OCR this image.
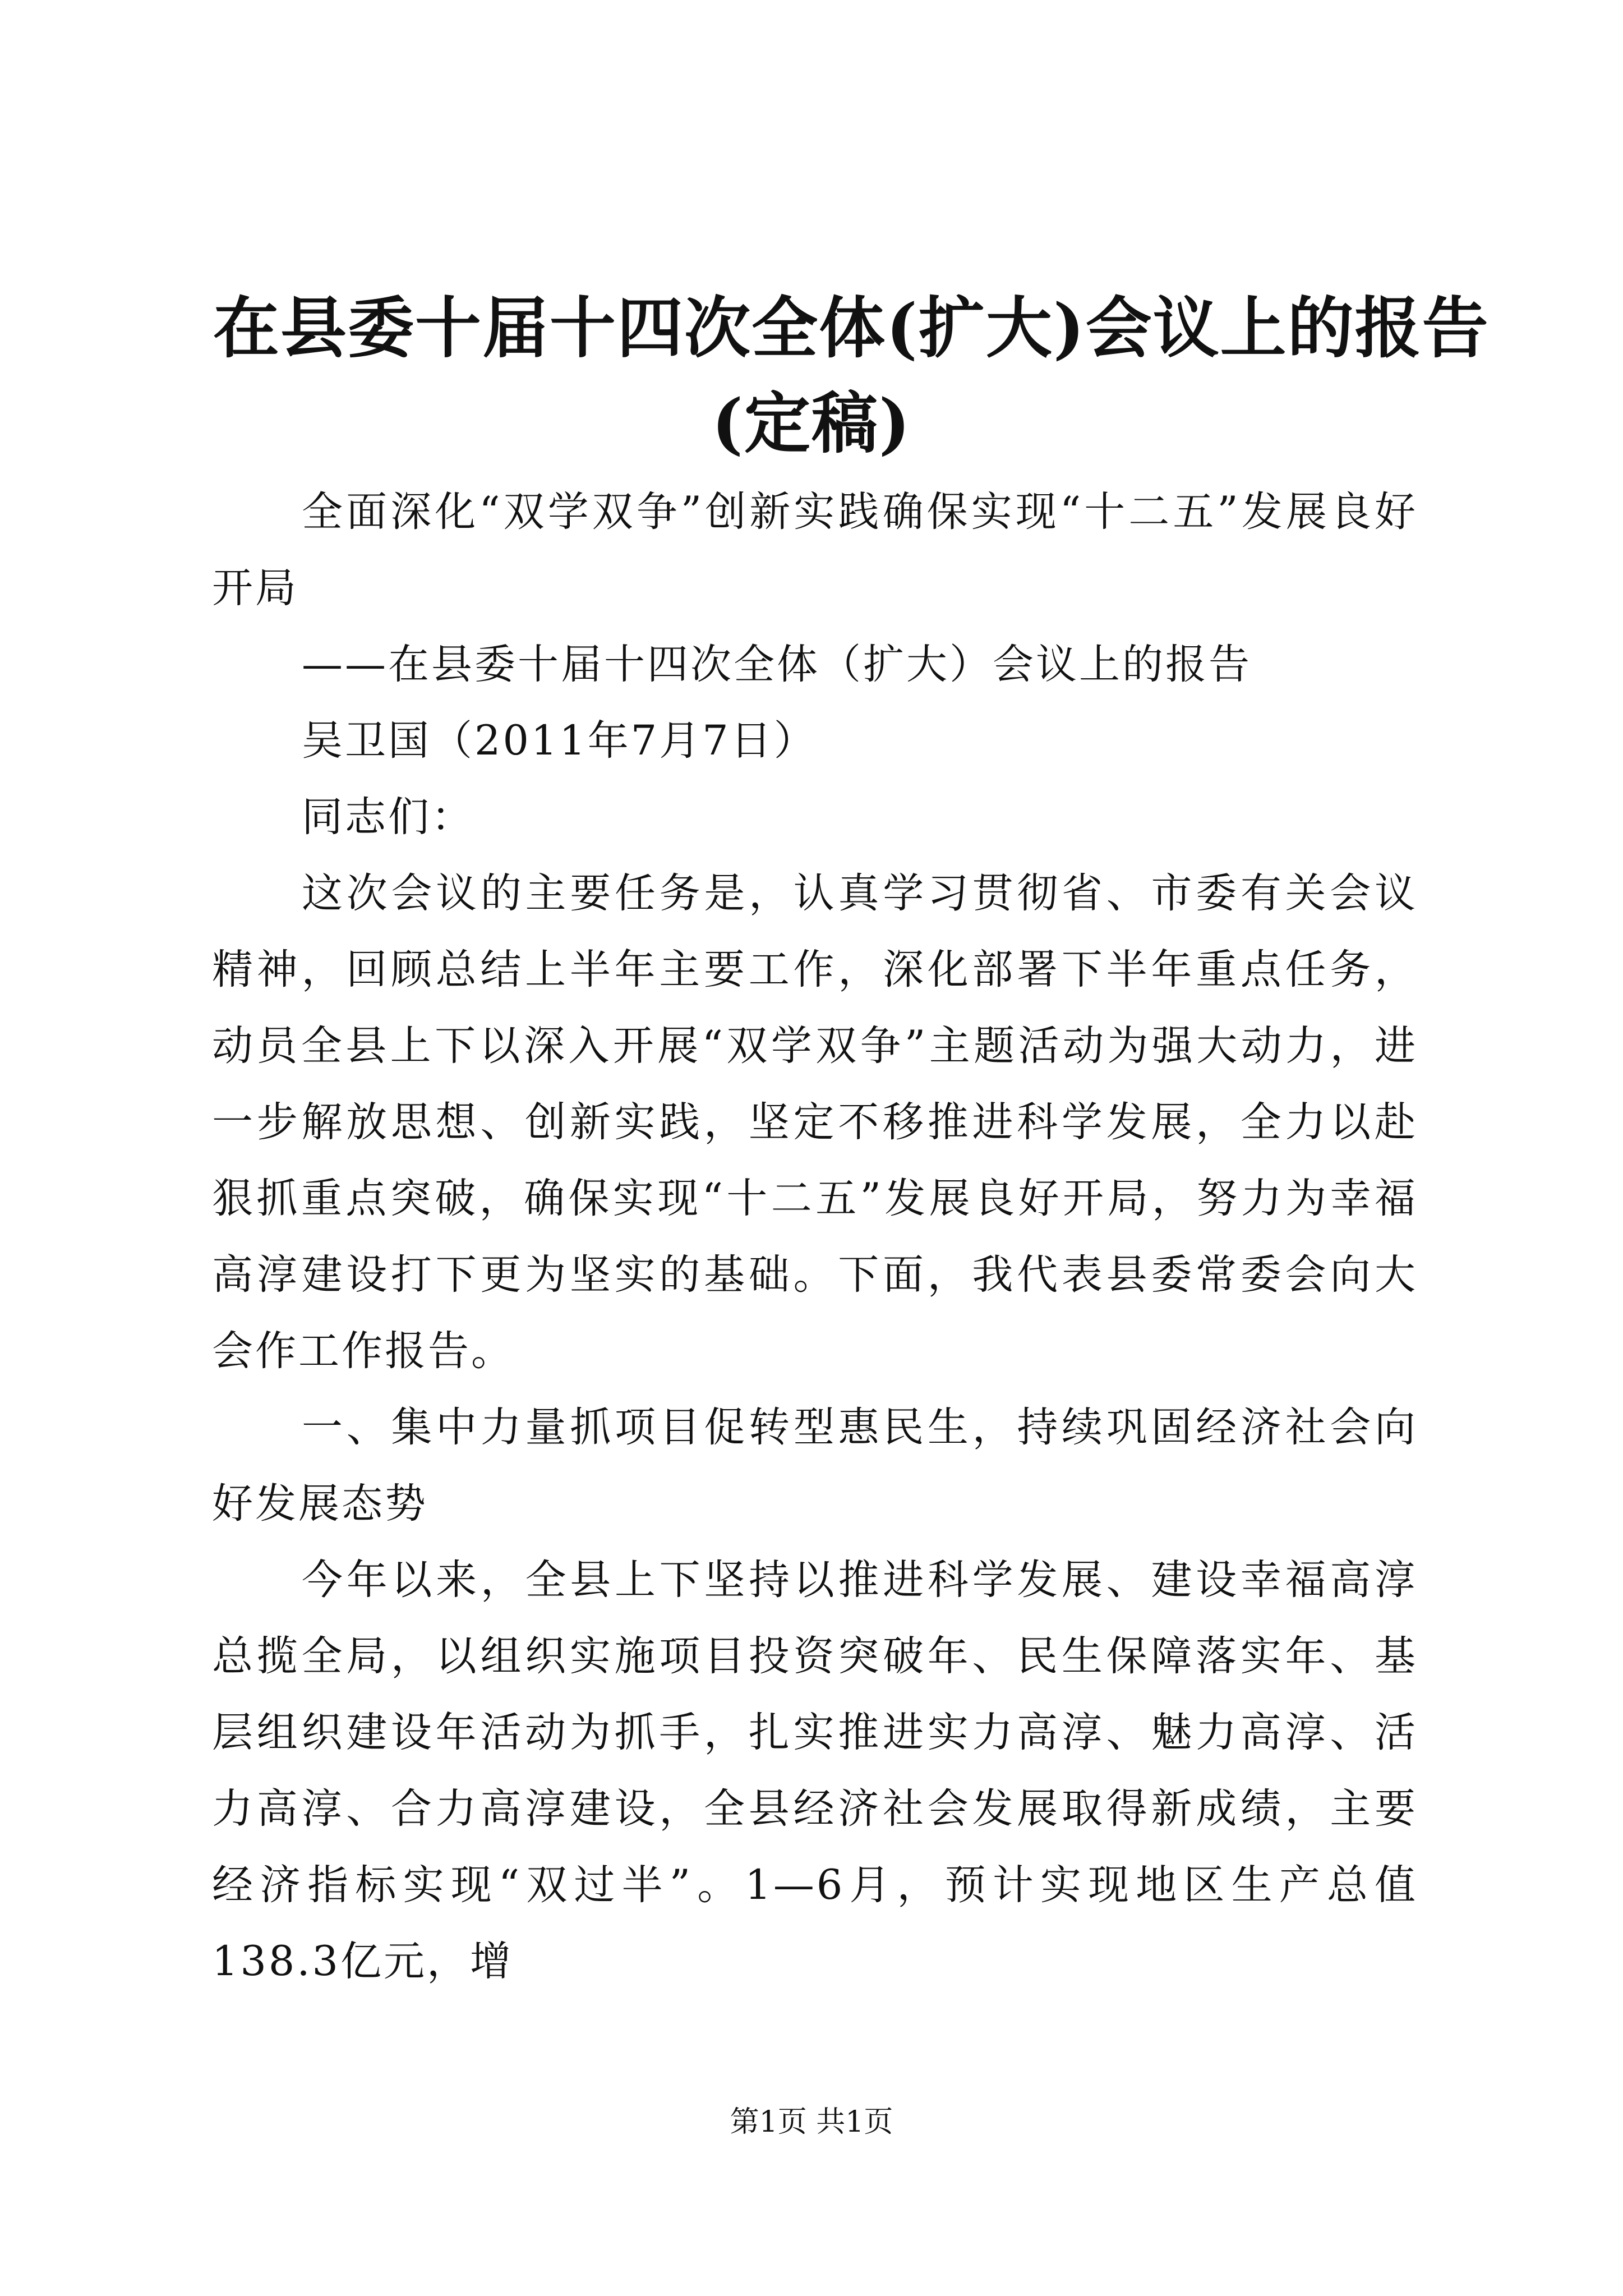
在县委十届十四次全体(扩大)会议上的报告
(定稿)

全面深化“双学双争”创新实践确保实现“十二五”发展良好开局

——在县委十届十四次全体（扩大）会议上的报告

吴卫国（2011年7月7日）

同志们：

这次会议的主要任务是，认真学习贯彻省、市委有关会议精神，回顾总结上半年主要工作，深化部署下半年重点任务，动员全县上下以深入开展“双学双争”主题活动为强大动力，进一步解放思想、创新实践，坚定不移推进科学发展，全力以赴狠抓重点突破，确保实现“十二五”发展良好开局，努力为幸福高淳建设打下更为坚实的基础。下面，我代表县委常委会向大会作工作报告。

一、集中力量抓项目促转型惠民生，持续巩固经济社会向好发展态势

今年以来，全县上下坚持以推进科学发展、建设幸福高淳总揽全局，以组织实施项目投资突破年、民生保障落实年、基层组织建设年活动为抓手，扎实推进实力高淳、魅力高淳、活力高淳、合力高淳建设，全县经济社会发展取得新成绩，主要经济指标实现“双过半”。1—6月，预计实现地区生产总值138.3亿元，增

第1页 共1页
